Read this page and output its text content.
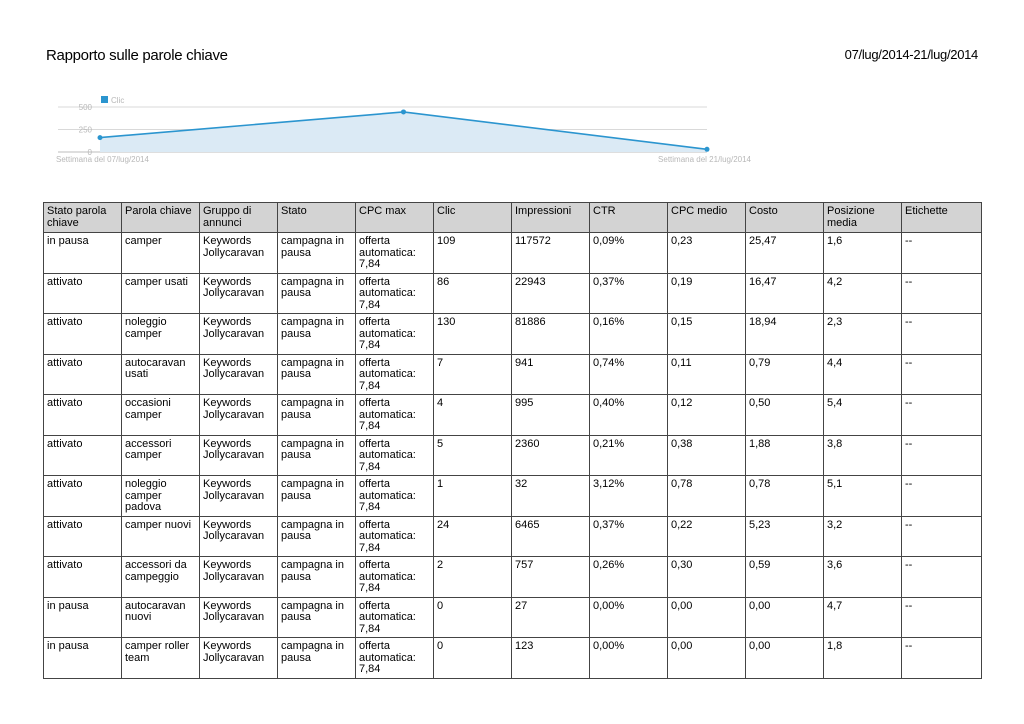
Rapporto sulle parole chiave	07/lug/2014-21/lug/2014
500
250
0
Clic
Settimana del 07/lug/2014	Settimana del 21/lug/2014
Stato parola chiave	Parola chiave	Gruppo di annunci	Stato	CPC max	Clic	Impressioni	CTR	CPC medio	Costo	Posizione media	Etichette
in pausa	camper	Keywords Jollycaravan	campagna in pausa	offerta automatica: 7,84	109	117572	0,09%	0,23	25,47	1,6	--
attivato	camper usati	Keywords Jollycaravan	campagna in pausa	offerta automatica: 7,84	86	22943	0,37%	0,19	16,47	4,2	--
attivato	noleggio camper	Keywords Jollycaravan	campagna in pausa	offerta automatica: 7,84	130	81886	0,16%	0,15	18,94	2,3	--
attivato	autocaravan usati	Keywords Jollycaravan	campagna in pausa	offerta automatica: 7,84	7	941	0,74%	0,11	0,79	4,4	--
attivato	occasioni camper	Keywords Jollycaravan	campagna in pausa	offerta automatica: 7,84	4	995	0,40%	0,12	0,50	5,4	--
attivato	accessori camper	Keywords Jollycaravan	campagna in pausa	offerta automatica: 7,84	5	2360	0,21%	0,38	1,88	3,8	--
attivato	noleggio camper padova	Keywords Jollycaravan	campagna in pausa	offerta automatica: 7,84	1	32	3,12%	0,78	0,78	5,1	--
attivato	camper nuovi	Keywords Jollycaravan	campagna in pausa	offerta automatica: 7,84	24	6465	0,37%	0,22	5,23	3,2	--
attivato	accessori da campeggio	Keywords Jollycaravan	campagna in pausa	offerta automatica: 7,84	2	757	0,26%	0,30	0,59	3,6	--
in pausa	autocaravan nuovi	Keywords Jollycaravan	campagna in pausa	offerta automatica: 7,84	0	27	0,00%	0,00	0,00	4,7	--
in pausa	camper roller team	Keywords Jollycaravan	campagna in pausa	offerta automatica: 7,84	0	123	0,00%	0,00	0,00	1,8	--
